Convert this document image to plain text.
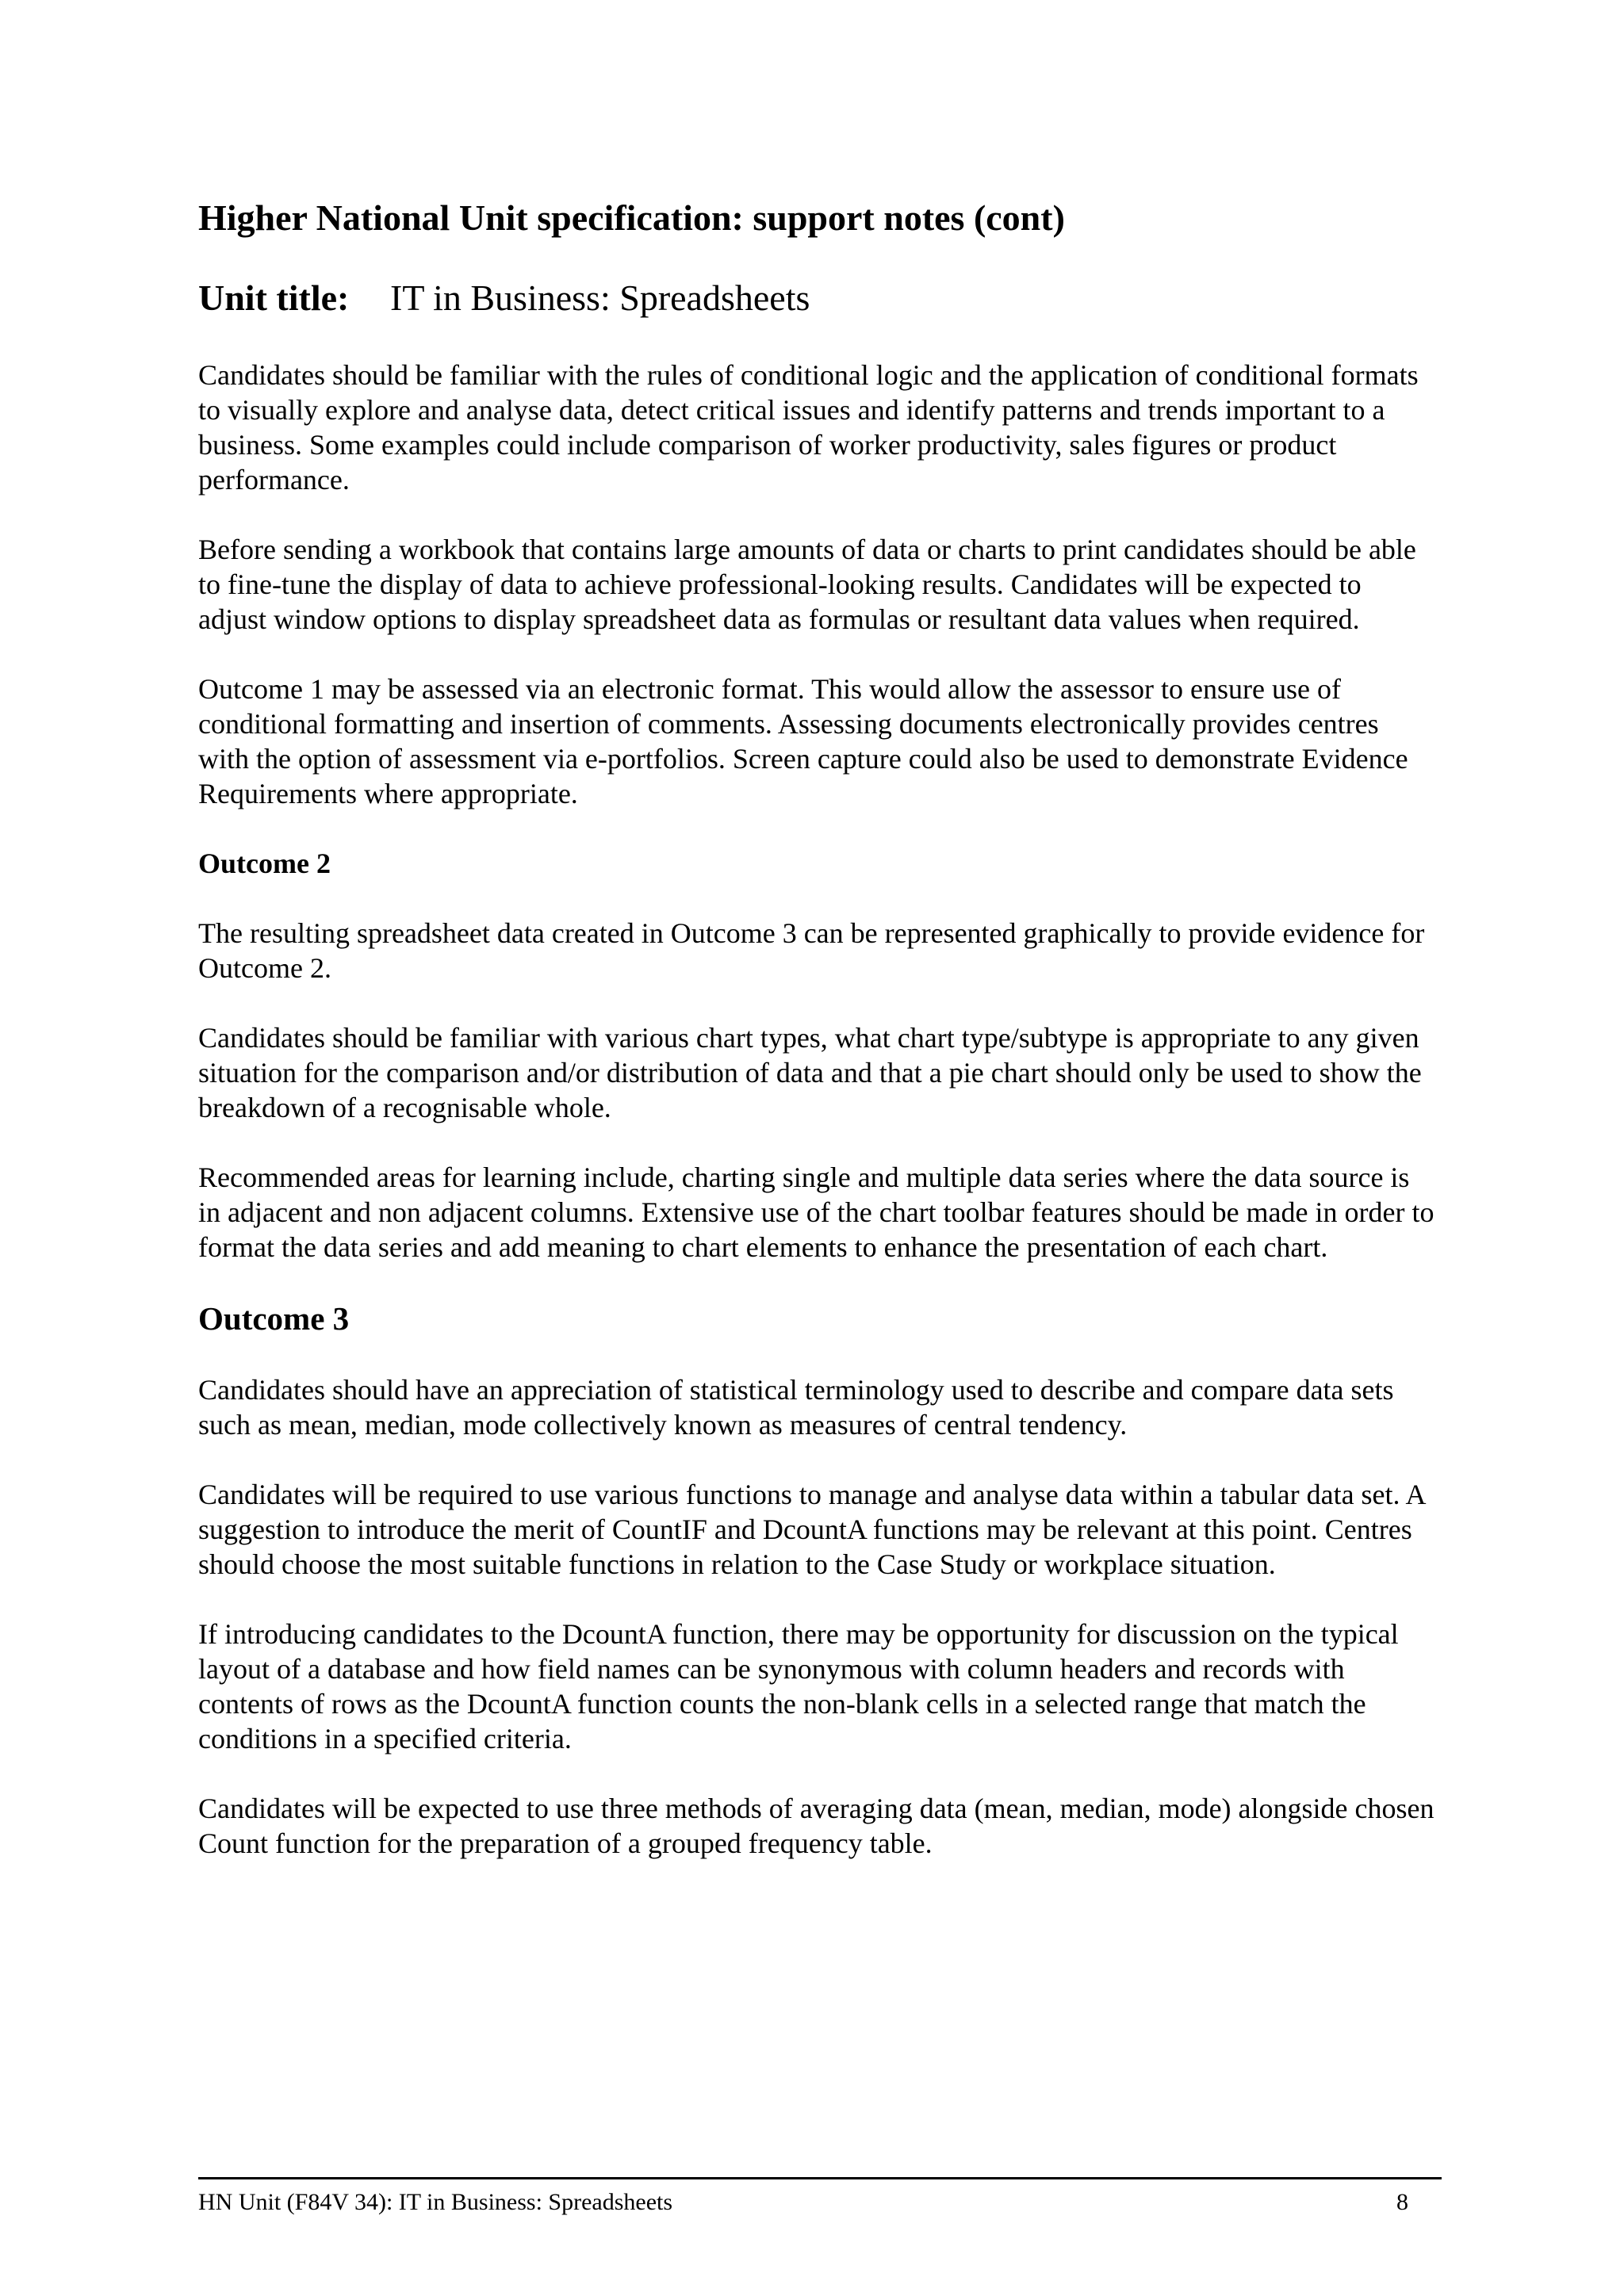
Higher National Unit specification: support notes (cont)
Unit title: IT in Business: Spreadsheets

Candidates should be familiar with the rules of conditional logic and the application of conditional formats to visually explore and analyse data, detect critical issues and identify patterns and trends important to a business. Some examples could include comparison of worker productivity, sales figures or product performance.

Before sending a workbook that contains large amounts of data or charts to print candidates should be able to fine-tune the display of data to achieve professional-looking results. Candidates will be expected to adjust window options to display spreadsheet data as formulas or resultant data values when required.

Outcome 1 may be assessed via an electronic format. This would allow the assessor to ensure use of conditional formatting and insertion of comments. Assessing documents electronically provides centres with the option of assessment via e-portfolios. Screen capture could also be used to demonstrate Evidence Requirements where appropriate.

Outcome 2

The resulting spreadsheet data created in Outcome 3 can be represented graphically to provide evidence for Outcome 2.

Candidates should be familiar with various chart types, what chart type/subtype is appropriate to any given situation for the comparison and/or distribution of data and that a pie chart should only be used to show the breakdown of a recognisable whole.

Recommended areas for learning include, charting single and multiple data series where the data source is in adjacent and non adjacent columns. Extensive use of the chart toolbar features should be made in order to format the data series and add meaning to chart elements to enhance the presentation of each chart.

Outcome 3

Candidates should have an appreciation of statistical terminology used to describe and compare data sets such as mean, median, mode collectively known as measures of central tendency.

Candidates will be required to use various functions to manage and analyse data within a tabular data set. A suggestion to introduce the merit of CountIF and DcountA functions may be relevant at this point. Centres should choose the most suitable functions in relation to the Case Study or workplace situation.

If introducing candidates to the DcountA function, there may be opportunity for discussion on the typical layout of a database and how field names can be synonymous with column headers and records with contents of rows as the DcountA function counts the non-blank cells in a selected range that match the conditions in a specified criteria.

Candidates will be expected to use three methods of averaging data (mean, median, mode) alongside chosen Count function for the preparation of a grouped frequency table.

HN Unit (F84V 34): IT in Business: Spreadsheets	8
